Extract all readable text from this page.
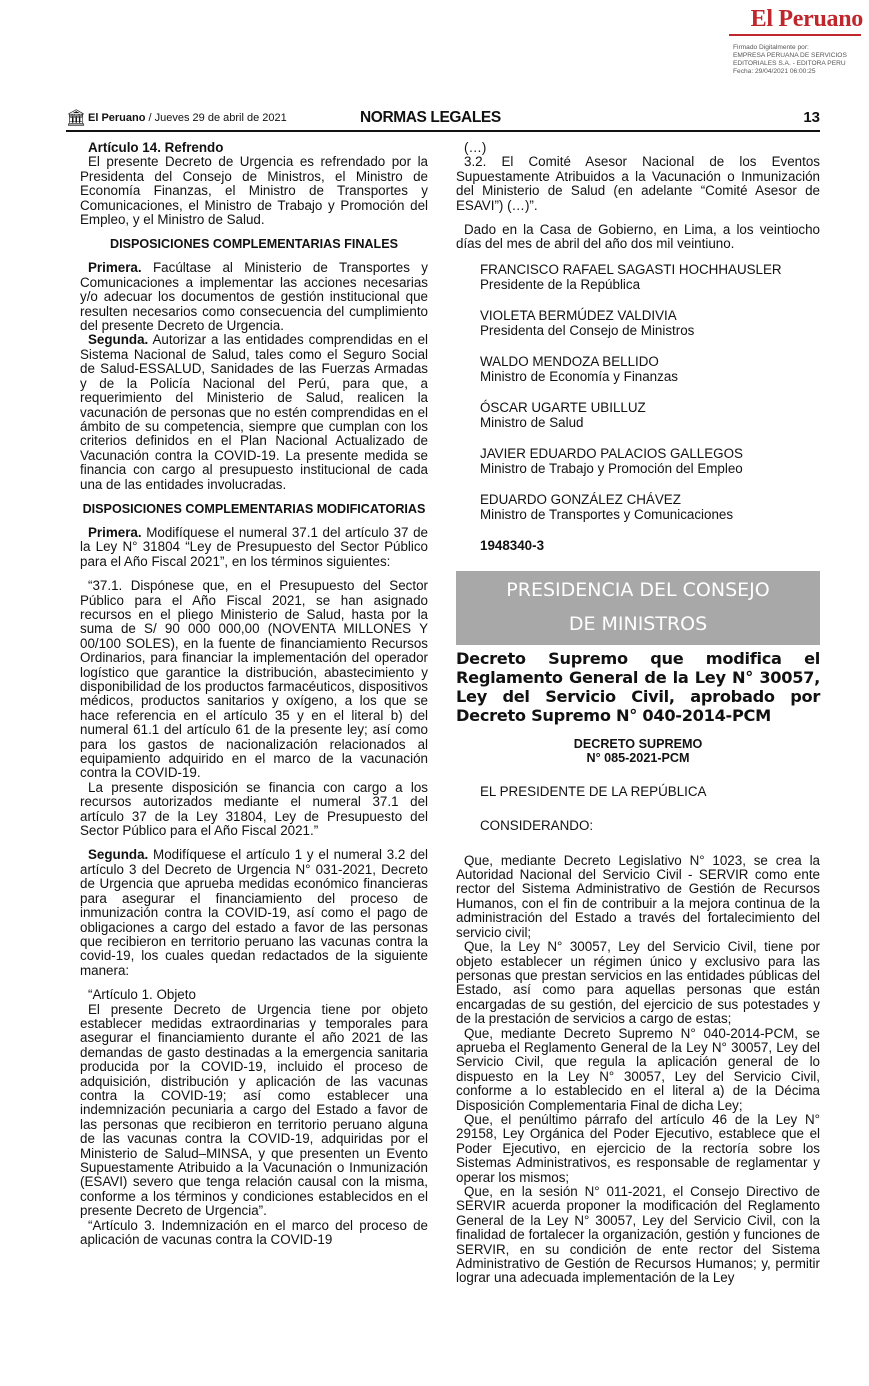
El Peruano
Firmado Digitalmente por:
EMPRESA PERUANA DE SERVICIOS
EDITORIALES S.A. - EDITORA PERU
Fecha: 29/04/2021 06:00:25
🏛 El Peruano / Jueves 29 de abril de 2021	NORMAS LEGALES	13

Artículo 14. Refrendo

El presente Decreto de Urgencia es refrendado por la Presidenta del Consejo de Ministros, el Ministro de Economía Finanzas, el Ministro de Transportes y Comunicaciones, el Ministro de Trabajo y Promoción del Empleo, y el Ministro de Salud.

DISPOSICIONES COMPLEMENTARIAS FINALES

Primera. Facúltase al Ministerio de Transportes y Comunicaciones a implementar las acciones necesarias y/o adecuar los documentos de gestión institucional que resulten necesarios como consecuencia del cumplimiento del presente Decreto de Urgencia.

Segunda. Autorizar a las entidades comprendidas en el Sistema Nacional de Salud, tales como el Seguro Social de Salud-ESSALUD, Sanidades de las Fuerzas Armadas y de la Policía Nacional del Perú, para que, a requerimiento del Ministerio de Salud, realicen la vacunación de personas que no estén comprendidas en el ámbito de su competencia, siempre que cumplan con los criterios definidos en el Plan Nacional Actualizado de Vacunación contra la COVID-19. La presente medida se financia con cargo al presupuesto institucional de cada una de las entidades involucradas.

DISPOSICIONES COMPLEMENTARIAS MODIFICATORIAS

Primera. Modifíquese el numeral 37.1 del artículo 37 de la Ley N° 31804 “Ley de Presupuesto del Sector Público para el Año Fiscal 2021”, en los términos siguientes:

“37.1. Dispónese que, en el Presupuesto del Sector Público para el Año Fiscal 2021, se han asignado recursos en el pliego Ministerio de Salud, hasta por la suma de S/ 90 000 000,00 (NOVENTA MILLONES Y 00/100 SOLES), en la fuente de financiamiento Recursos Ordinarios, para financiar la implementación del operador logístico que garantice la distribución, abastecimiento y disponibilidad de los productos farmacéuticos, dispositivos médicos, productos sanitarios y oxígeno, a los que se hace referencia en el artículo 35 y en el literal b) del numeral 61.1 del artículo 61 de la presente ley; así como para los gastos de nacionalización relacionados al equipamiento adquirido en el marco de la vacunación contra la COVID-19.

La presente disposición se financia con cargo a los recursos autorizados mediante el numeral 37.1 del artículo 37 de la Ley 31804, Ley de Presupuesto del Sector Público para el Año Fiscal 2021.”

Segunda. Modifíquese el artículo 1 y el numeral 3.2 del artículo 3 del Decreto de Urgencia N° 031-2021, Decreto de Urgencia que aprueba medidas económico financieras para asegurar el financiamiento del proceso de inmunización contra la COVID-19, así como el pago de obligaciones a cargo del estado a favor de las personas que recibieron en territorio peruano las vacunas contra la covid-19, los cuales quedan redactados de la siguiente manera:

“Artículo 1. Objeto

El presente Decreto de Urgencia tiene por objeto establecer medidas extraordinarias y temporales para asegurar el financiamiento durante el año 2021 de las demandas de gasto destinadas a la emergencia sanitaria producida por la COVID-19, incluido el proceso de adquisición, distribución y aplicación de las vacunas contra la COVID-19; así como establecer una indemnización pecuniaria a cargo del Estado a favor de las personas que recibieron en territorio peruano alguna de las vacunas contra la COVID-19, adquiridas por el Ministerio de Salud–MINSA, y que presenten un Evento Supuestamente Atribuido a la Vacunación o Inmunización (ESAVI) severo que tenga relación causal con la misma, conforme a los términos y condiciones establecidos en el presente Decreto de Urgencia”.

“Artículo 3. Indemnización en el marco del proceso de aplicación de vacunas contra la COVID-19

(…)

3.2. El Comité Asesor Nacional de los Eventos Supuestamente Atribuidos a la Vacunación o Inmunización del Ministerio de Salud (en adelante “Comité Asesor de ESAVI”) (…)”.

Dado en la Casa de Gobierno, en Lima, a los veintiocho días del mes de abril del año dos mil veintiuno.

FRANCISCO RAFAEL SAGASTI HOCHHAUSLER
Presidente de la República
VIOLETA BERMÚDEZ VALDIVIA
Presidenta del Consejo de Ministros
WALDO MENDOZA BELLIDO
Ministro de Economía y Finanzas
ÓSCAR UGARTE UBILLUZ
Ministro de Salud
JAVIER EDUARDO PALACIOS GALLEGOS
Ministro de Trabajo y Promoción del Empleo
EDUARDO GONZÁLEZ CHÁVEZ
Ministro de Transportes y Comunicaciones
1948340-3
PRESIDENCIA DEL CONSEJO
DE MINISTROS
Decreto Supremo que modifica el Reglamento General de la Ley N° 30057, Ley del Servicio Civil, aprobado por Decreto Supremo N° 040-2014-PCM
DECRETO SUPREMO
N° 085-2021-PCM
EL PRESIDENTE DE LA REPÚBLICA
CONSIDERANDO:

Que, mediante Decreto Legislativo N° 1023, se crea la Autoridad Nacional del Servicio Civil - SERVIR como ente rector del Sistema Administrativo de Gestión de Recursos Humanos, con el fin de contribuir a la mejora continua de la administración del Estado a través del fortalecimiento del servicio civil;

Que, la Ley N° 30057, Ley del Servicio Civil, tiene por objeto establecer un régimen único y exclusivo para las personas que prestan servicios en las entidades públicas del Estado, así como para aquellas personas que están encargadas de su gestión, del ejercicio de sus potestades y de la prestación de servicios a cargo de estas;

Que, mediante Decreto Supremo N° 040-2014-PCM, se aprueba el Reglamento General de la Ley N° 30057, Ley del Servicio Civil, que regula la aplicación general de lo dispuesto en la Ley N° 30057, Ley del Servicio Civil, conforme a lo establecido en el literal a) de la Décima Disposición Complementaria Final de dicha Ley;

Que, el penúltimo párrafo del artículo 46 de la Ley N° 29158, Ley Orgánica del Poder Ejecutivo, establece que el Poder Ejecutivo, en ejercicio de la rectoría sobre los Sistemas Administrativos, es responsable de reglamentar y operar los mismos;

Que, en la sesión N° 011-2021, el Consejo Directivo de SERVIR acuerda proponer la modificación del Reglamento General de la Ley N° 30057, Ley del Servicio Civil, con la finalidad de fortalecer la organización, gestión y funciones de SERVIR, en su condición de ente rector del Sistema Administrativo de Gestión de Recursos Humanos; y, permitir lograr una adecuada implementación de la Ley
